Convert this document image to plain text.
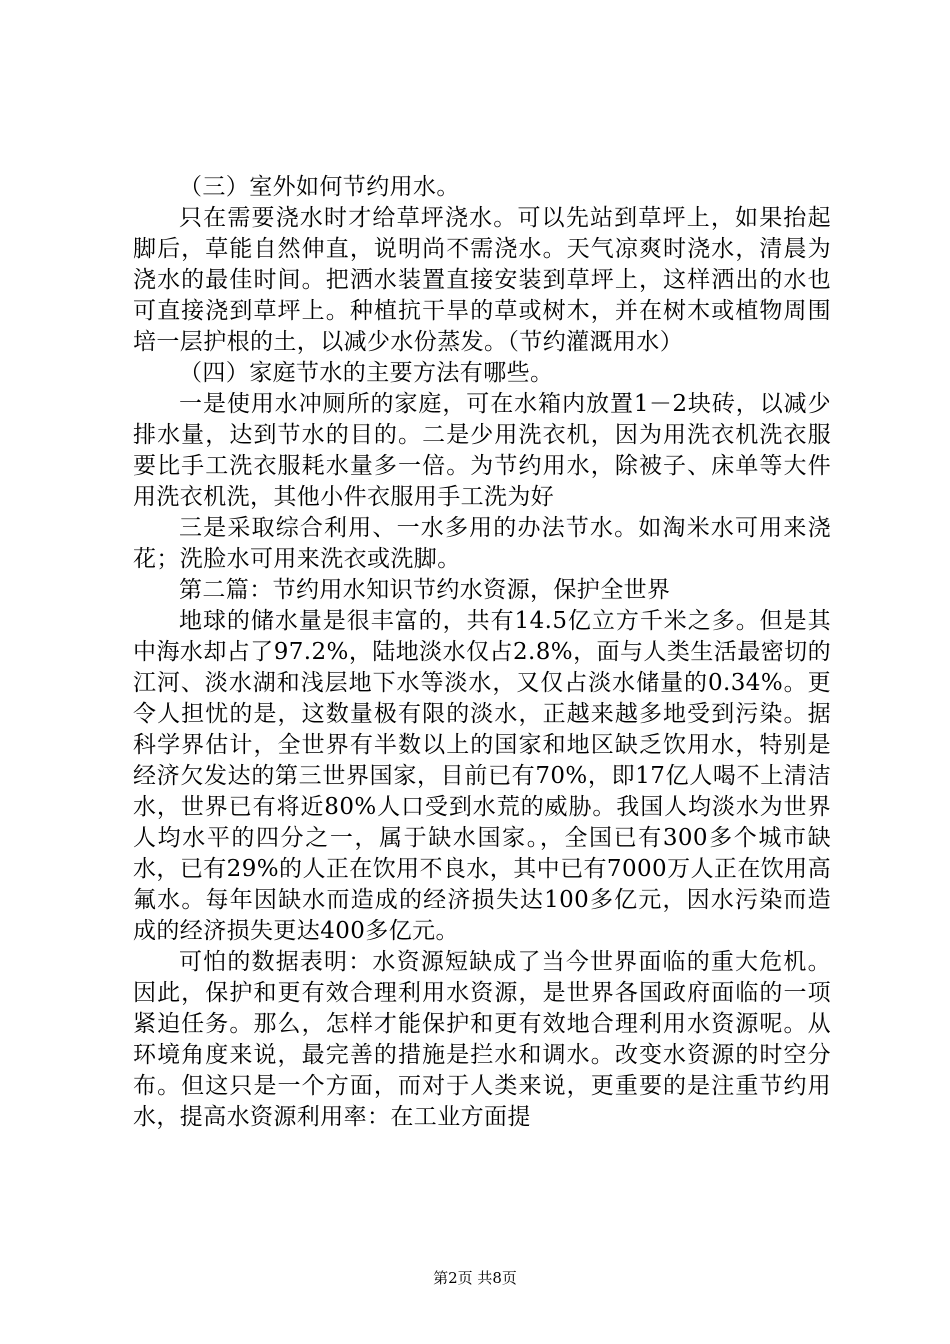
（三）室外如何节约用水。

只在需要浇水时才给草坪浇水。可以先站到草坪上，如果抬起脚后，草能自然伸直，说明尚不需浇水。天气凉爽时浇水，清晨为浇水的最佳时间。把洒水装置直接安装到草坪上，这样洒出的水也可直接浇到草坪上。种植抗干旱的草或树木，并在树木或植物周围培一层护根的土，以减少水份蒸发。（节约灌溉用水）

（四）家庭节水的主要方法有哪些。

一是使用水冲厕所的家庭，可在水箱内放置1－2块砖，以减少排水量，达到节水的目的。二是少用洗衣机，因为用洗衣机洗衣服要比手工洗衣服耗水量多一倍。为节约用水，除被子、床单等大件用洗衣机洗，其他小件衣服用手工洗为好

三是采取综合利用、一水多用的办法节水。如淘米水可用来浇花；洗脸水可用来洗衣或洗脚。

第二篇：节约用水知识节约水资源，保护全世界

地球的储水量是很丰富的，共有14.5亿立方千米之多。但是其中海水却占了97.2%，陆地淡水仅占2.8%，面与人类生活最密切的江河、淡水湖和浅层地下水等淡水，又仅占淡水储量的0.34%。更令人担忧的是，这数量极有限的淡水，正越来越多地受到污染。据科学界估计，全世界有半数以上的国家和地区缺乏饮用水，特别是经济欠发达的第三世界国家，目前已有70%，即17亿人喝不上清洁水，世界已有将近80%人口受到水荒的威胁。我国人均淡水为世界人均水平的四分之一，属于缺水国家。，全国已有300多个城市缺水，已有29%的人正在饮用不良水，其中已有7000万人正在饮用高氟水。每年因缺水而造成的经济损失达100多亿元，因水污染而造成的经济损失更达400多亿元。

可怕的数据表明：水资源短缺成了当今世界面临的重大危机。因此，保护和更有效合理利用水资源，是世界各国政府面临的一项紧迫任务。那么，怎样才能保护和更有效地合理利用水资源呢。从环境角度来说，最完善的措施是拦水和调水。改变水资源的时空分布。但这只是一个方面，而对于人类来说，更重要的是注重节约用水，提高水资源利用率：在工业方面提

第2页 共8页
